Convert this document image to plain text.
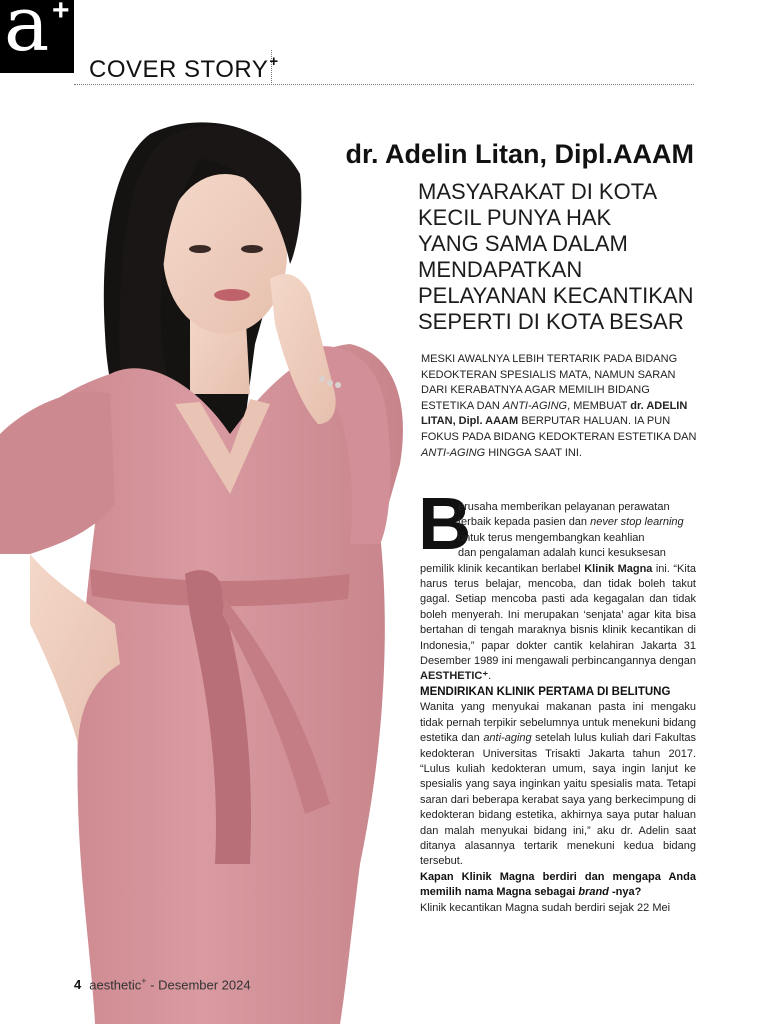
a +
COVER STORY+
dr. Adelin Litan, Dipl.AAAM
MASYARAKAT DI KOTA
KECIL PUNYA HAK
YANG SAMA DALAM
MENDAPATKAN
PELAYANAN KECANTIKAN
SEPERTI DI KOTA BESAR
MESKI AWALNYA LEBIH TERTARIK PADA BIDANG KEDOKTERAN SPESIALIS MATA, NAMUN SARAN DARI KERABATNYA AGAR MEMILIH BIDANG ESTETIKA DAN ANTI-AGING, MEMBUAT dr. ADELIN LITAN, Dipl. AAAM BERPUTAR HALUAN. IA PUN FOKUS PADA BIDANG KEDOKTERAN ESTETIKA DAN ANTI-AGING HINGGA SAAT INI.
B

erusaha memberikan pelayanan perawatan
terbaik kepada pasien dan never stop learning
untuk terus mengembangkan keahlian
dan pengalaman adalah kunci kesuksesan
pemilik klinik kecantikan berlabel Klinik Magna ini. “Kita harus terus belajar, mencoba, dan tidak boleh takut gagal. Setiap mencoba pasti ada kegagalan dan tidak boleh menyerah. Ini merupakan ‘senjata’ agar kita bisa bertahan di tengah maraknya bisnis klinik kecantikan di Indonesia,” papar dokter cantik kelahiran Jakarta 31 Desember 1989 ini mengawali perbincangannya dengan AESTHETIC⁺.

MENDIRIKAN KLINIK PERTAMA DI BELITUNG

Wanita yang menyukai makanan pasta ini mengaku tidak pernah terpikir sebelumnya untuk menekuni bidang estetika dan anti-aging setelah lulus kuliah dari Fakultas kedokteran Universitas Trisakti Jakarta tahun 2017. “Lulus kuliah kedokteran umum, saya ingin lanjut ke spesialis yang saya inginkan yaitu spesialis mata. Tetapi saran dari beberapa kerabat saya yang berkecimpung di kedokteran bidang estetika, akhirnya saya putar haluan dan malah menyukai bidang ini,” aku dr. Adelin saat ditanya alasannya tertarik menekuni kedua bidang tersebut.

Kapan Klinik Magna berdiri dan mengapa Anda memilih nama Magna sebagai brand -nya?

Klinik kecantikan Magna sudah berdiri sejak 22 Mei

4 aesthetic+ - Desember 2024
